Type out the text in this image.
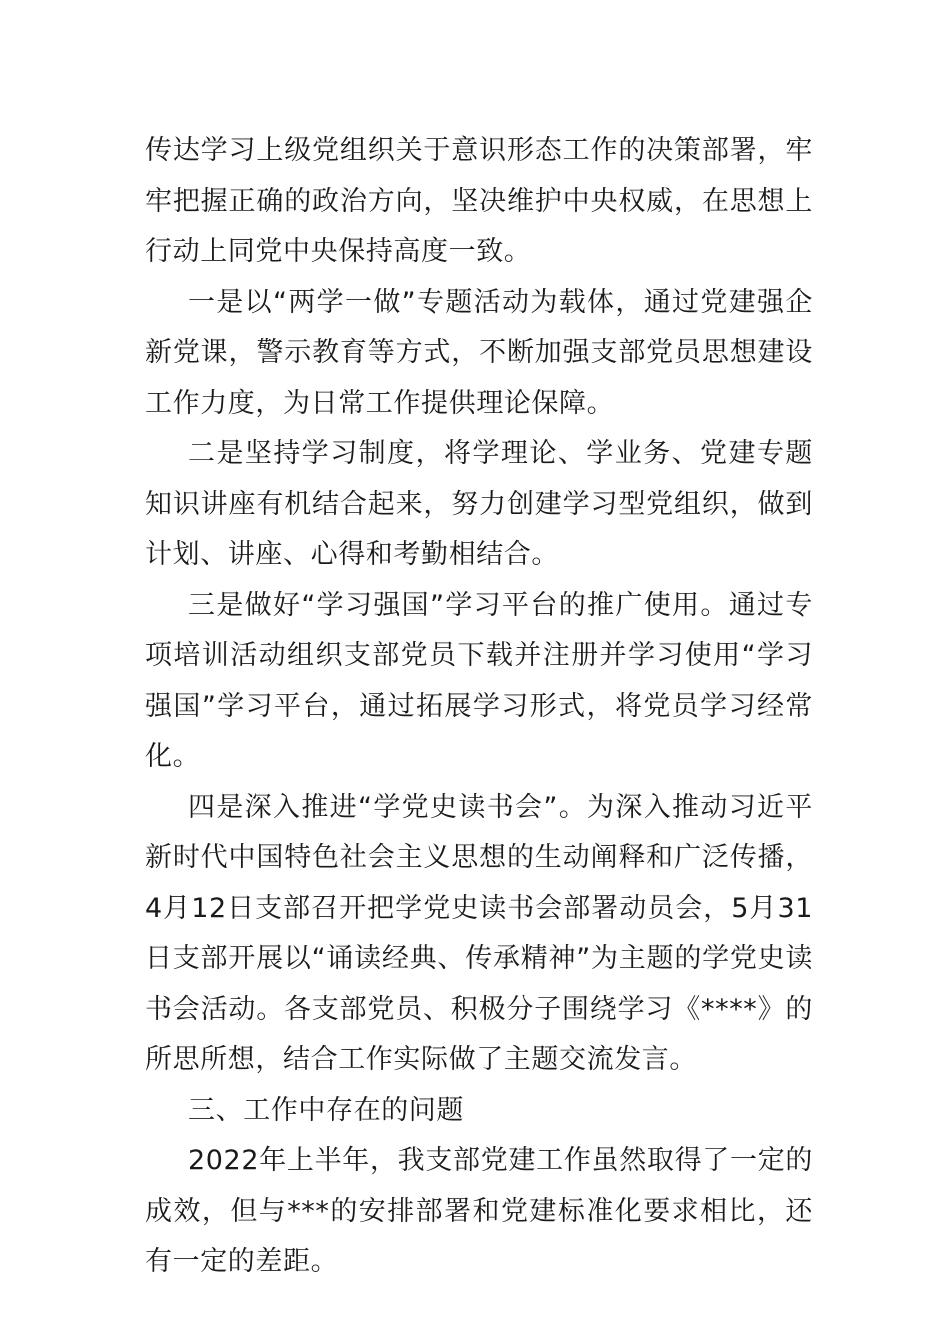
传达学习上级党组织关于意识形态工作的决策部署，牢牢把握正确的政治方向，坚决维护中央权威，在思想上行动上同党中央保持高度一致。

一是以“两学一做”专题活动为载体，通过党建强企新党课，警示教育等方式，不断加强支部党员思想建设工作力度，为日常工作提供理论保障。

二是坚持学习制度，将学理论、学业务、党建专题知识讲座有机结合起来，努力创建学习型党组织，做到计划、讲座、心得和考勤相结合。

三是做好“学习强国”学习平台的推广使用。通过专项培训活动组织支部党员下载并注册并学习使用“学习强国”学习平台，通过拓展学习形式，将党员学习经常化。

四是深入推进“学党史读书会”。为深入推动习近平新时代中国特色社会主义思想的生动阐释和广泛传播，4月12日支部召开把学党史读书会部署动员会，5月31日支部开展以“诵读经典、传承精神”为主题的学党史读书会活动。各支部党员、积极分子围绕学习《****》的所思所想，结合工作实际做了主题交流发言。

三、工作中存在的问题

2022年上半年，我支部党建工作虽然取得了一定的成效，但与***的安排部署和党建标准化要求相比，还有一定的差距。
